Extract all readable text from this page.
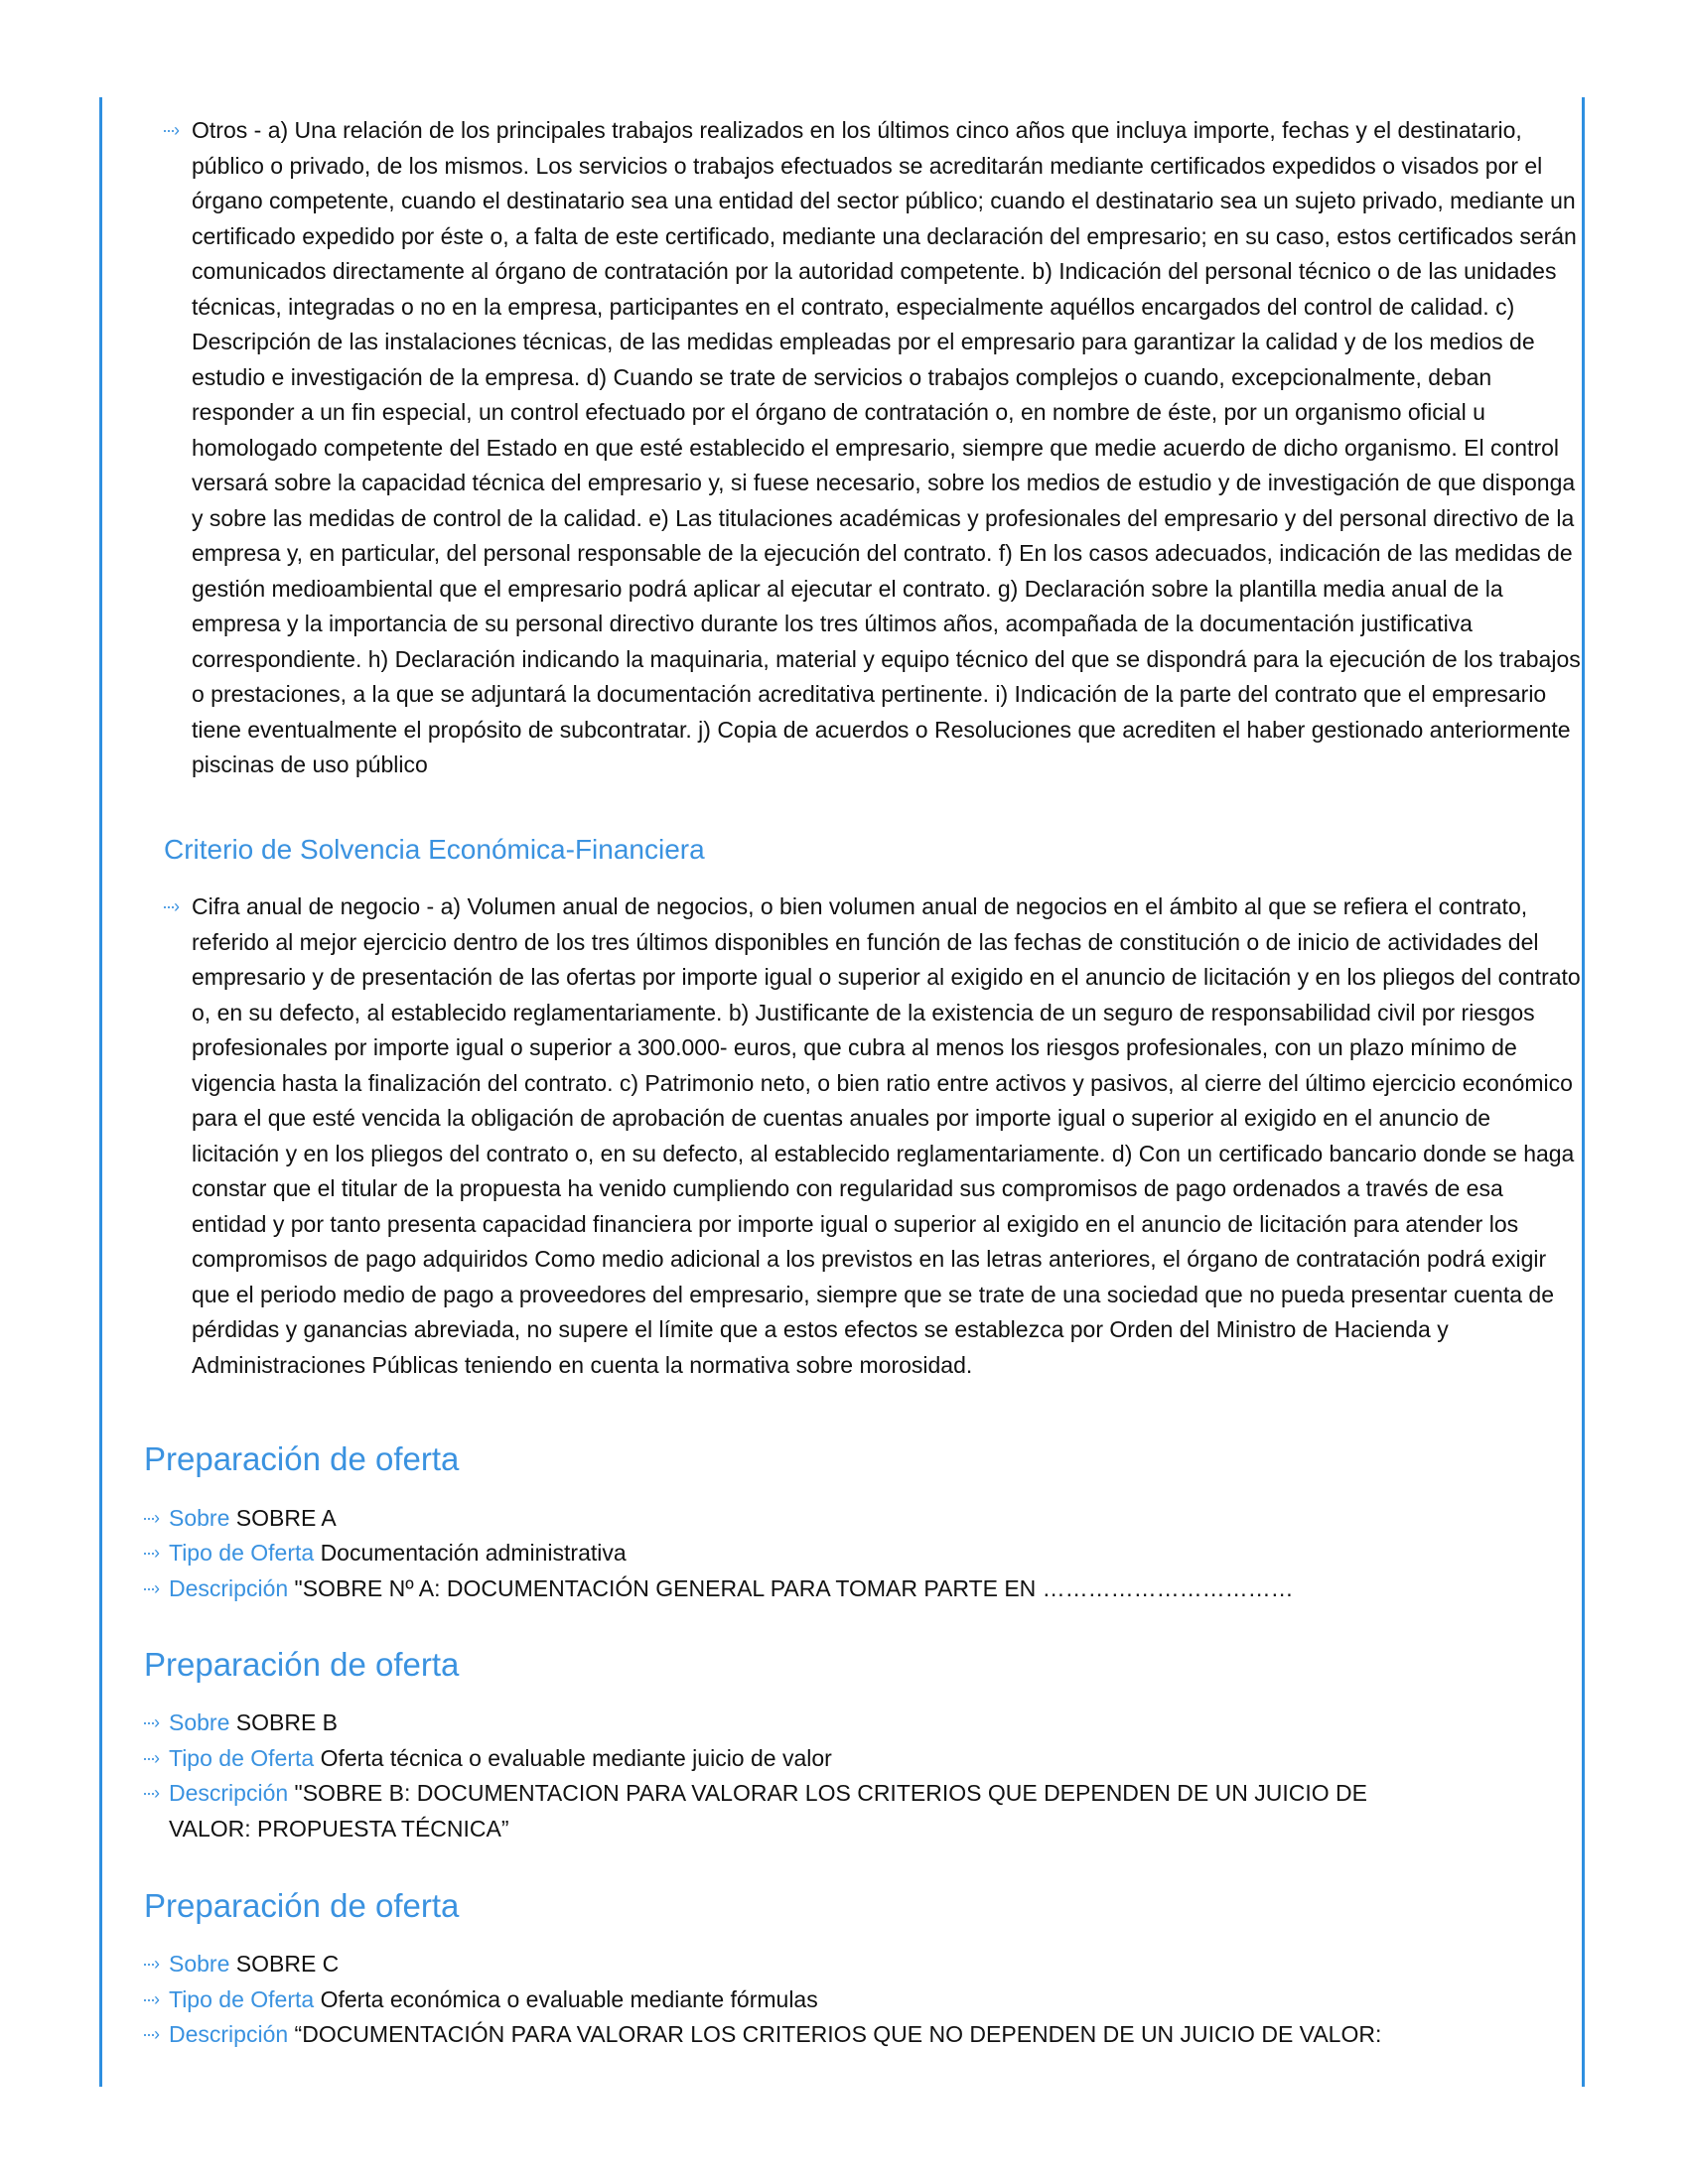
···› Otros - a) Una relación de los principales trabajos realizados en los últimos cinco años que incluya importe, fechas y el destinatario, público o privado, de los mismos. Los servicios o trabajos efectuados se acreditarán mediante certificados expedidos o visados por el órgano competente, cuando el destinatario sea una entidad del sector público; cuando el destinatario sea un sujeto privado, mediante un certificado expedido por éste o, a falta de este certificado, mediante una declaración del empresario; en su caso, estos certificados serán comunicados directamente al órgano de contratación por la autoridad competente. b) Indicación del personal técnico o de las unidades técnicas, integradas o no en la empresa, participantes en el contrato, especialmente aquéllos encargados del control de calidad. c) Descripción de las instalaciones técnicas, de las medidas empleadas por el empresario para garantizar la calidad y de los medios de estudio e investigación de la empresa. d) Cuando se trate de servicios o trabajos complejos o cuando, excepcionalmente, deban responder a un fin especial, un control efectuado por el órgano de contratación o, en nombre de éste, por un organismo oficial u homologado competente del Estado en que esté establecido el empresario, siempre que medie acuerdo de dicho organismo. El control versará sobre la capacidad técnica del empresario y, si fuese necesario, sobre los medios de estudio y de investigación de que disponga y sobre las medidas de control de la calidad. e) Las titulaciones académicas y profesionales del empresario y del personal directivo de la empresa y, en particular, del personal responsable de la ejecución del contrato. f) En los casos adecuados, indicación de las medidas de gestión medioambiental que el empresario podrá aplicar al ejecutar el contrato. g) Declaración sobre la plantilla media anual de la empresa y la importancia de su personal directivo durante los tres últimos años, acompañada de la documentación justificativa correspondiente. h) Declaración indicando la maquinaria, material y equipo técnico del que se dispondrá para la ejecución de los trabajos o prestaciones, a la que se adjuntará la documentación acreditativa pertinente. i) Indicación de la parte del contrato que el empresario tiene eventualmente el propósito de subcontratar. j) Copia de acuerdos o Resoluciones que acrediten el haber gestionado anteriormente piscinas de uso público
Criterio de Solvencia Económica-Financiera
···› Cifra anual de negocio - a) Volumen anual de negocios, o bien volumen anual de negocios en el ámbito al que se refiera el contrato, referido al mejor ejercicio dentro de los tres últimos disponibles en función de las fechas de constitución o de inicio de actividades del empresario y de presentación de las ofertas por importe igual o superior al exigido en el anuncio de licitación y en los pliegos del contrato o, en su defecto, al establecido reglamentariamente. b) Justificante de la existencia de un seguro de responsabilidad civil por riesgos profesionales por importe igual o superior a 300.000- euros, que cubra al menos los riesgos profesionales, con un plazo mínimo de vigencia hasta la finalización del contrato. c) Patrimonio neto, o bien ratio entre activos y pasivos, al cierre del último ejercicio económico para el que esté vencida la obligación de aprobación de cuentas anuales por importe igual o superior al exigido en el anuncio de licitación y en los pliegos del contrato o, en su defecto, al establecido reglamentariamente. d) Con un certificado bancario donde se haga constar que el titular de la propuesta ha venido cumpliendo con regularidad sus compromisos de pago ordenados a través de esa entidad y por tanto presenta capacidad financiera por importe igual o superior al exigido en el anuncio de licitación para atender los compromisos de pago adquiridos Como medio adicional a los previstos en las letras anteriores, el órgano de contratación podrá exigir que el periodo medio de pago a proveedores del empresario, siempre que se trate de una sociedad que no pueda presentar cuenta de pérdidas y ganancias abreviada, no supere el límite que a estos efectos se establezca por Orden del Ministro de Hacienda y Administraciones Públicas teniendo en cuenta la normativa sobre morosidad.
Preparación de oferta
···› Sobre SOBRE A
···› Tipo de Oferta Documentación administrativa
···› Descripción "SOBRE Nº A: DOCUMENTACIÓN GENERAL PARA TOMAR PARTE EN ……………………………
Preparación de oferta
···› Sobre SOBRE B
···› Tipo de Oferta Oferta técnica o evaluable mediante juicio de valor
···› Descripción "SOBRE B: DOCUMENTACION PARA VALORAR LOS CRITERIOS QUE DEPENDEN DE UN JUICIO DE
VALOR: PROPUESTA TÉCNICA”
Preparación de oferta
···› Sobre SOBRE C
···› Tipo de Oferta Oferta económica o evaluable mediante fórmulas
···› Descripción “DOCUMENTACIÓN PARA VALORAR LOS CRITERIOS QUE NO DEPENDEN DE UN JUICIO DE VALOR:
